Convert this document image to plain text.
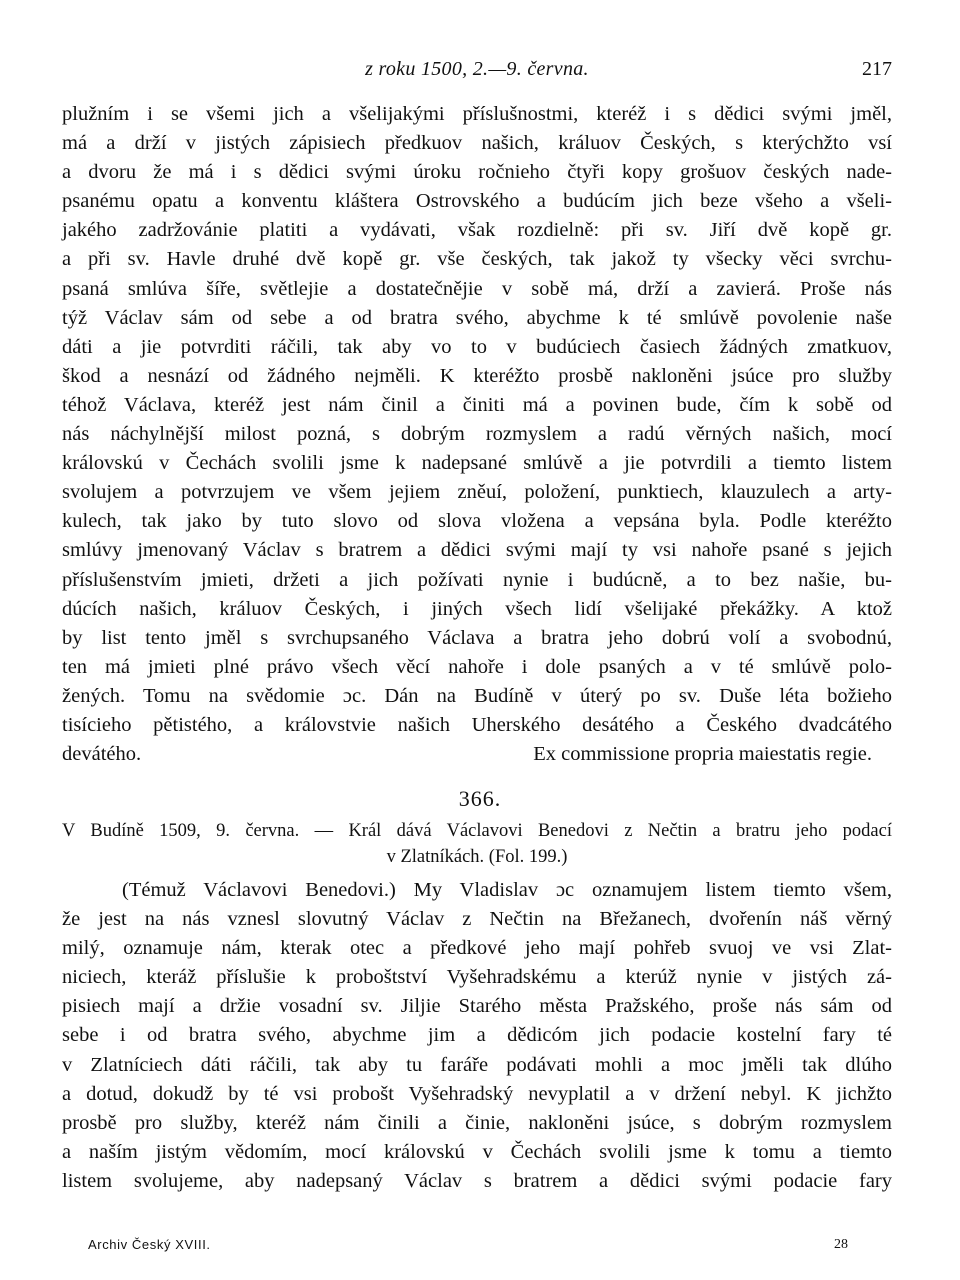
z roku 1500, 2.—9. června.	217
plužním i se všemi jich a všelijakými příslušnostmi, kteréž i s dědici svými jměl,
má a drží v jistých zápisiech předkuov našich, králuov Českých, s kterýchžto vsí
a dvoru že má i s dědici svými úroku ročnieho čtyři kopy grošuov českých nade-
psanému opatu a konventu kláštera Ostrovského a budúcím jich beze všeho a všeli-
jakého zadržovánie platiti a vydávati, však rozdielně: při sv. Jiří dvě kopě gr.
a při sv. Havle druhé dvě kopě gr. vše českých, tak jakož ty všecky věci svrchu-
psaná smlúva šíře, světlejie a dostatečnějie v sobě má, drží a zavierá. Proše nás
týž Václav sám od sebe a od bratra svého, abychme k té smlúvě povolenie naše
dáti a jie potvrditi ráčili, tak aby vo to v budúciech časiech žádných zmatkuov,
škod a nesnází od žádného nejměli. K kteréžto prosbě nakloněni jsúce pro služby
téhož Václava, kteréž jest nám činil a činiti má a povinen bude, čím k sobě od
nás náchylnější milost pozná, s dobrým rozmyslem a radú věrných našich, mocí
královskú v Čechách svolili jsme k nadepsané smlúvě a jie potvrdili a tiemto listem
svolujem a potvrzujem ve všem jejiem zněuí, položení, punktiech, klauzulech a arty-
kulech, tak jako by tuto slovo od slova vložena a vepsána byla. Podle kteréžto
smlúvy jmenovaný Václav s bratrem a dědici svými mají ty vsi nahoře psané s jejich
příslušenstvím jmieti, držeti a jich požívati nynie i budúcně, a to bez našie, bu-
dúcích našich, králuov Českých, i jiných všech lidí všelijaké překážky. A ktož
by list tento jměl s svrchupsaného Václava a bratra jeho dobrú volí a svobodnú,
ten má jmieti plné právo všech věcí nahoře i dole psaných a v té smlúvě polo-
žených. Tomu na svědomie ɔc. Dán na Budíně v úterý po sv. Duše léta božieho
tisícieho pětistého, a královstvie našich Uherského desátého a Českého dvadcátého
devátého.	Ex commissione propria maiestatis regie.
366.
V Budíně 1509, 9. června. — Král dává Václavovi Benedovi z Nečtin a bratru jeho podací
v Zlatníkách. (Fol. 199.)
(Témuž Václavovi Benedovi.) My Vladislav ɔc oznamujem listem tiemto všem,
že jest na nás vznesl slovutný Václav z Nečtin na Břežanech, dvořenín náš věrný
milý, oznamuje nám, kterak otec a předkové jeho mají pohřeb svuoj ve vsi Zlat-
niciech, kteráž příslušie k proboštství Vyšehradskému a kterúž nynie v jistých zá-
pisiech mají a držie vosadní sv. Jiljie Starého města Pražského, proše nás sám od
sebe i od bratra svého, abychme jim a dědicóm jich podacie kostelní fary té
v Zlatníciech dáti ráčili, tak aby tu faráře podávati mohli a moc jměli tak dlúho
a dotud, dokudž by té vsi probošt Vyšehradský nevyplatil a v držení nebyl. K jichžto
prosbě pro služby, kteréž nám činili a činie, nakloněni jsúce, s dobrým rozmyslem
a naším jistým vědomím, mocí královskú v Čechách svolili jsme k tomu a tiemto
listem svolujeme, aby nadepsaný Václav s bratrem a dědici svými podacie fary
Archiv Český XVIII.	28
